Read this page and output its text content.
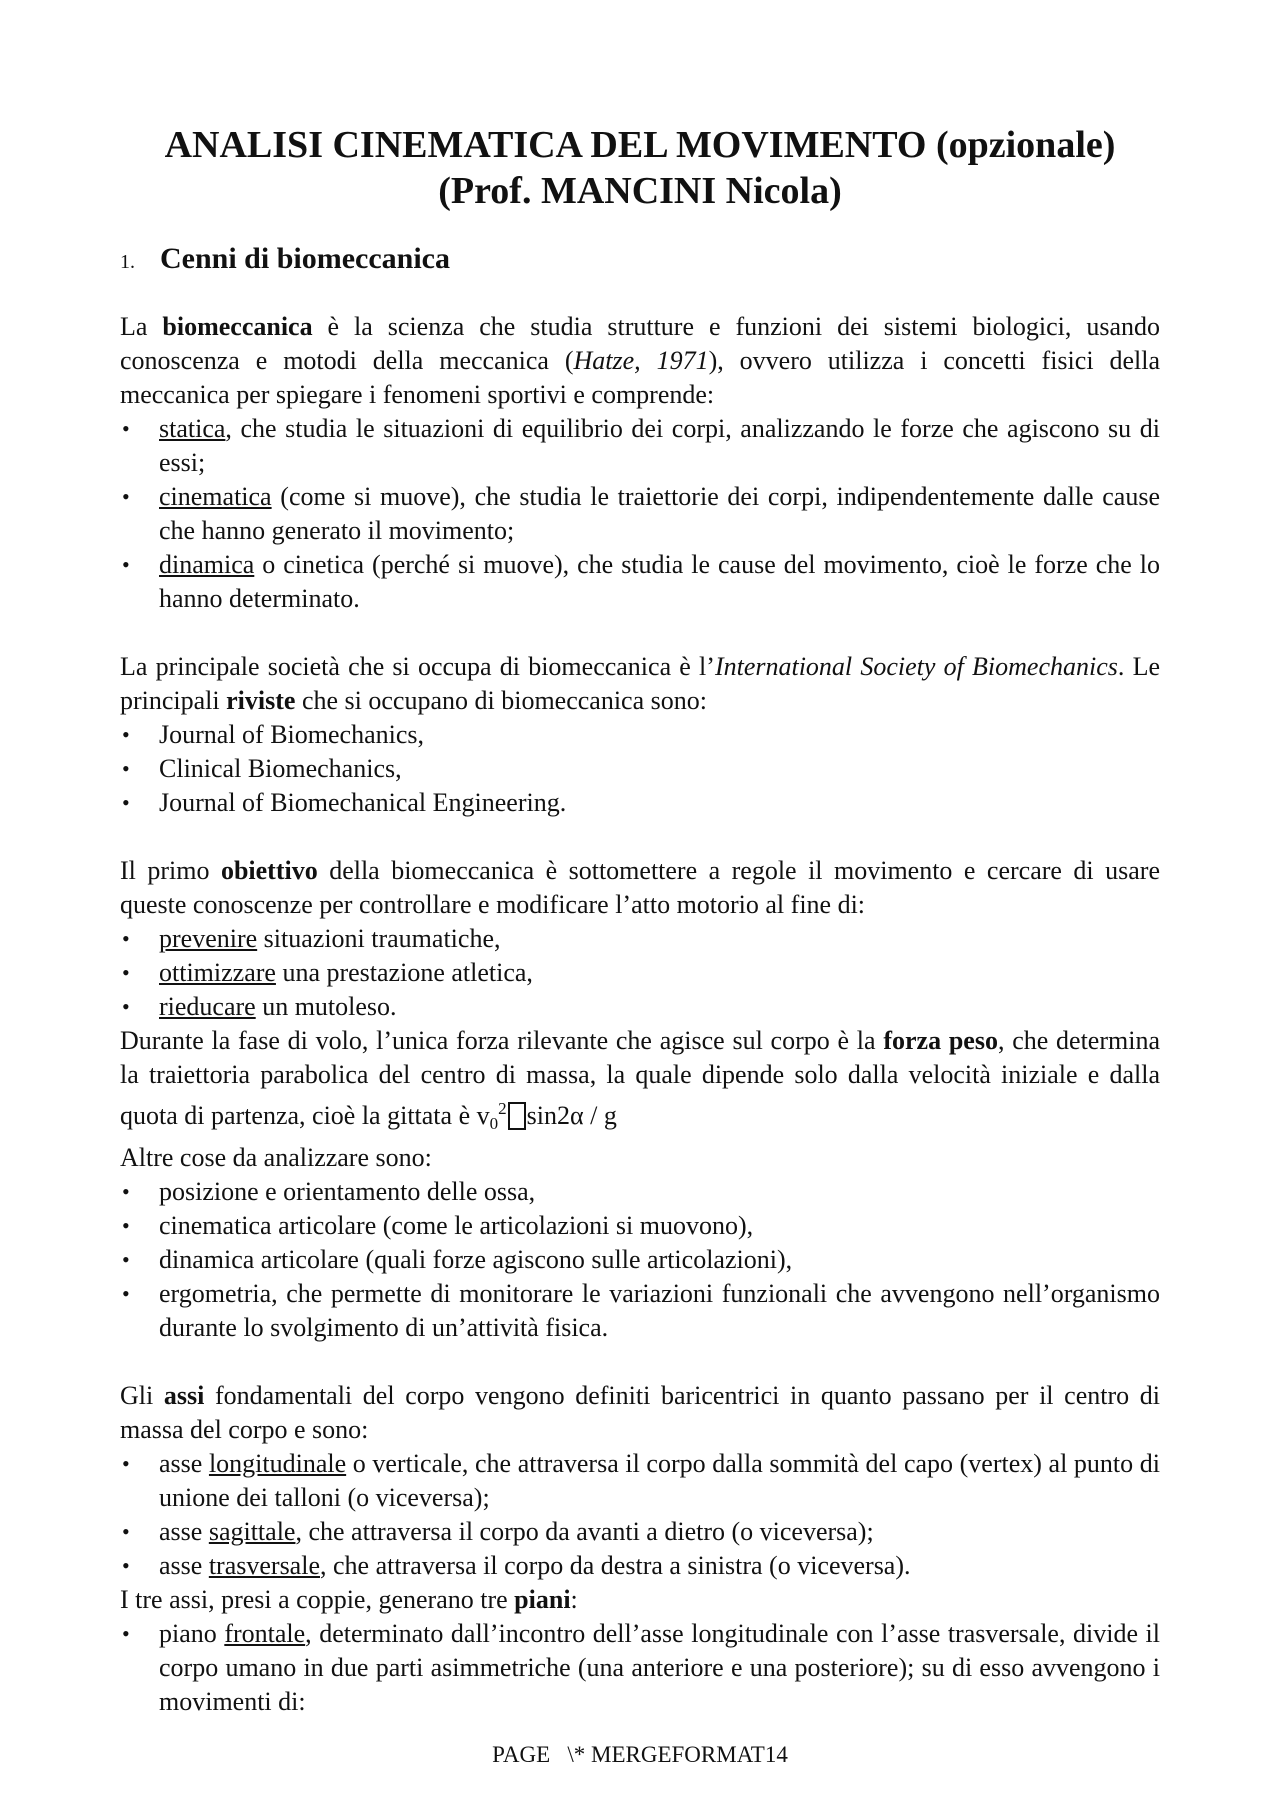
ANALISI CINEMATICA DEL MOVIMENTO (opzionale)
(Prof. MANCINI Nicola)
1. Cenni di biomeccanica

La biomeccanica è la scienza che studia strutture e funzioni dei sistemi biologici, usando conoscenza e motodi della meccanica (Hatze, 1971), ovvero utilizza i concetti fisici della meccanica per spiegare i fenomeni sportivi e comprende:

• statica, che studia le situazioni di equilibrio dei corpi, analizzando le forze che agiscono su di essi;
• cinematica (come si muove), che studia le traiettorie dei corpi, indipendentemente dalle cause che hanno generato il movimento;
• dinamica o cinetica (perché si muove), che studia le cause del movimento, cioè le forze che lo hanno determinato.

La principale società che si occupa di biomeccanica è l’International Society of Biomechanics. Le principali riviste che si occupano di biomeccanica sono:

• Journal of Biomechanics,
• Clinical Biomechanics,
• Journal of Biomechanical Engineering.

Il primo obiettivo della biomeccanica è sottomettere a regole il movimento e cercare di usare queste conoscenze per controllare e modificare l’atto motorio al fine di:

• prevenire situazioni traumatiche,
• ottimizzare una prestazione atletica,
• rieducare un mutoleso.

Durante la fase di volo, l’unica forza rilevante che agisce sul corpo è la forza peso, che determina la traiettoria parabolica del centro di massa, la quale dipende solo dalla velocità iniziale e dalla quota di partenza, cioè la gittata è $v_0^2$ sin2α / g

Altre cose da analizzare sono:

• posizione e orientamento delle ossa,
• cinematica articolare (come le articolazioni si muovono),
• dinamica articolare (quali forze agiscono sulle articolazioni),
• ergometria, che permette di monitorare le variazioni funzionali che avvengono nell’organismo durante lo svolgimento di un’attività fisica.

Gli assi fondamentali del corpo vengono definiti baricentrici in quanto passano per il centro di massa del corpo e sono:

• asse longitudinale o verticale, che attraversa il corpo dalla sommità del capo (vertex) al punto di unione dei talloni (o viceversa);
• asse sagittale, che attraversa il corpo da avanti a dietro (o viceversa);
• asse trasversale, che attraversa il corpo da destra a sinistra (o viceversa).

I tre assi, presi a coppie, generano tre piani:

• piano frontale, determinato dall’incontro dell’asse longitudinale con l’asse trasversale, divide il corpo umano in due parti asimmetriche (una anteriore e una posteriore); su di esso avvengono i movimenti di:
PAGE   \* MERGEFORMAT14
